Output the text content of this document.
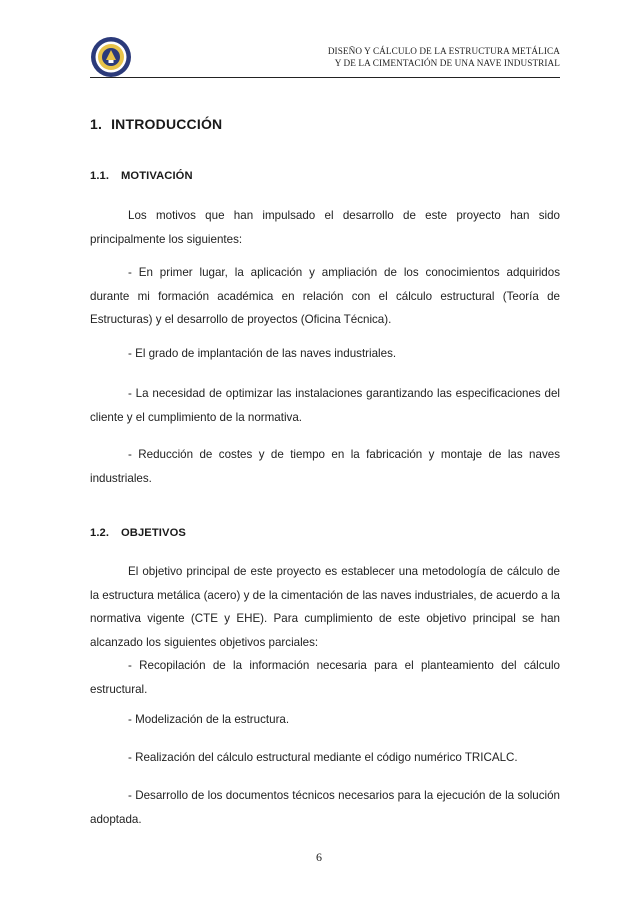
DISEÑO Y CÁLCULO DE LA ESTRUCTURA METÁLICA
Y DE LA CIMENTACIÓN DE UNA NAVE INDUSTRIAL
1. INTRODUCCIÓN
1.1. MOTIVACIÓN

Los motivos que han impulsado el desarrollo de este proyecto han sido principalmente los siguientes:

- En primer lugar, la aplicación y ampliación de los conocimientos adquiridos durante mi formación académica en relación con el cálculo estructural (Teoría de Estructuras) y el desarrollo de proyectos (Oficina Técnica).

- El grado de implantación de las naves industriales.

- La necesidad de optimizar las instalaciones garantizando las especificaciones del cliente y el cumplimiento de la normativa.

- Reducción de costes y de tiempo en la fabricación y montaje de las naves industriales.

1.2. OBJETIVOS

El objetivo principal de este proyecto es establecer una metodología de cálculo de la estructura metálica (acero) y de la cimentación de las naves industriales, de acuerdo a la normativa vigente (CTE y EHE). Para cumplimiento de este objetivo principal se han alcanzado los siguientes objetivos parciales:

- Recopilación de la información necesaria para el planteamiento del cálculo estructural.

- Modelización de la estructura.

- Realización del cálculo estructural mediante el código numérico TRICALC.

- Desarrollo de los documentos técnicos necesarios para la ejecución de la solución adoptada.

6
